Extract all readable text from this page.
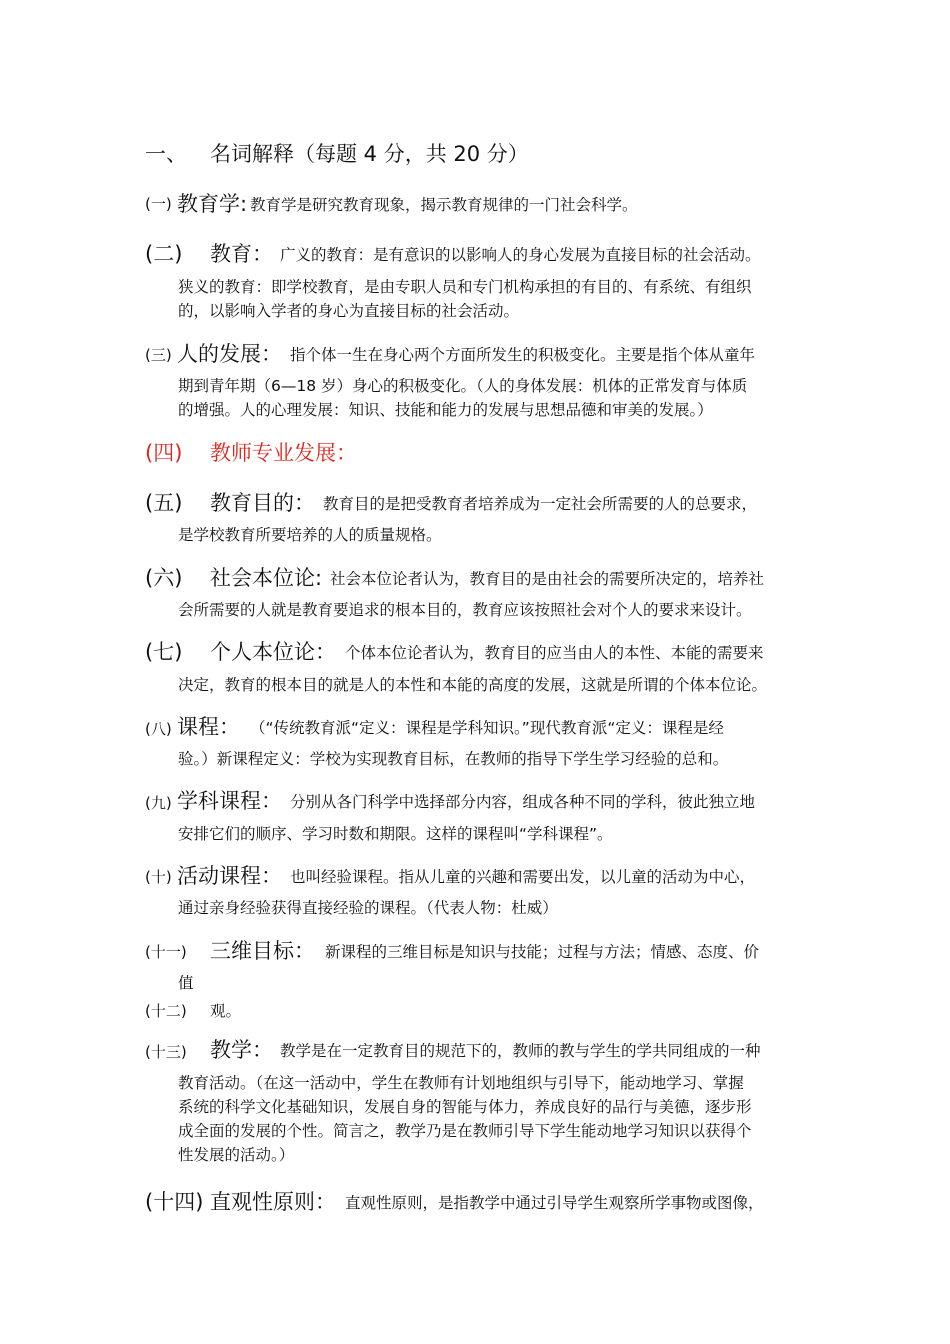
一、 名词解释（每题 4 分，共 20 分）
(一) 教育学: 教育学是研究教育现象，揭示教育规律的一门社会科学。
(二) 教育： 广义的教育：是有意识的以影响人的身心发展为直接目标的社会活动。
狭义的教育：即学校教育，是由专职人员和专门机构承担的有目的、有系统、有组织
的，以影响入学者的身心为直接目标的社会活动。
(三) 人的发展： 指个体一生在身心两个方面所发生的积极变化。主要是指个体从童年
期到青年期（6—18 岁）身心的积极变化。（人的身体发展：机体的正常发育与体质
的增强。人的心理发展：知识、技能和能力的发展与思想品德和审美的发展。）
(四) 教师专业发展：
(五) 教育目的： 教育目的是把受教育者培养成为一定社会所需要的人的总要求，
是学校教育所要培养的人的质量规格。
(六) 社会本位论: 社会本位论者认为，教育目的是由社会的需要所决定的，培养社
会所需要的人就是教育要追求的根本目的，教育应该按照社会对个人的要求来设计。
(七) 个人本位论： 个体本位论者认为，教育目的应当由人的本性、本能的需要来
决定，教育的根本目的就是人的本性和本能的高度的发展，这就是所谓的个体本位论。
(八) 课程： （“传统教育派“定义：课程是学科知识。”现代教育派“定义：课程是经
验。）新课程定义：学校为实现教育目标，在教师的指导下学生学习经验的总和。
(九) 学科课程： 分别从各门科学中选择部分内容，组成各种不同的学科，彼此独立地
安排它们的顺序、学习时数和期限。这样的课程叫“学科课程”。
(十) 活动课程： 也叫经验课程。指从儿童的兴趣和需要出发，以儿童的活动为中心，
通过亲身经验获得直接经验的课程。（代表人物：杜威）
(十一) 三维目标： 新课程的三维目标是知识与技能；过程与方法；情感、态度、价
值
(十二) 观。
(十三) 教学： 教学是在一定教育目的规范下的，教师的教与学生的学共同组成的一种
教育活动。（在这一活动中，学生在教师有计划地组织与引导下，能动地学习、掌握
系统的科学文化基础知识，发展自身的智能与体力，养成良好的品行与美德，逐步形
成全面的发展的个性。简言之，教学乃是在教师引导下学生能动地学习知识以获得个
性发展的活动。）
(十四) 直观性原则： 直观性原则，是指教学中通过引导学生观察所学事物或图像，
